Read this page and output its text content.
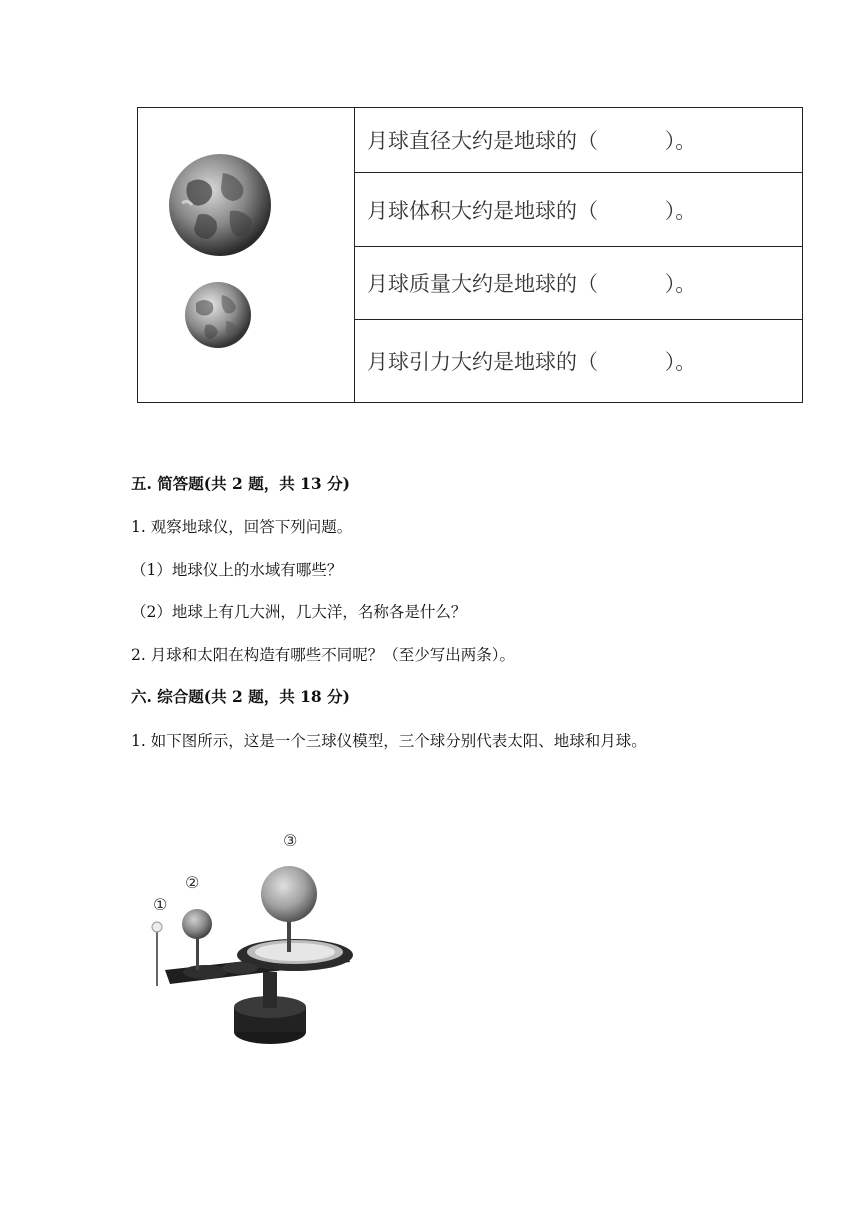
月球直径大约是地球的（          ）。
月球体积大约是地球的（          ）。
月球质量大约是地球的（          ）。
月球引力大约是地球的（          ）。
五. 简答题(共 2 题，共 13 分)
1. 观察地球仪，回答下列问题。
（1）地球仪上的水域有哪些？
（2）地球上有几大洲，几大洋，名称各是什么？
2. 月球和太阳在构造有哪些不同呢？（至少写出两条）。
六. 综合题(共 2 题，共 18 分)
1. 如下图所示，这是一个三球仪模型，三个球分别代表太阳、地球和月球。
①
②
③
